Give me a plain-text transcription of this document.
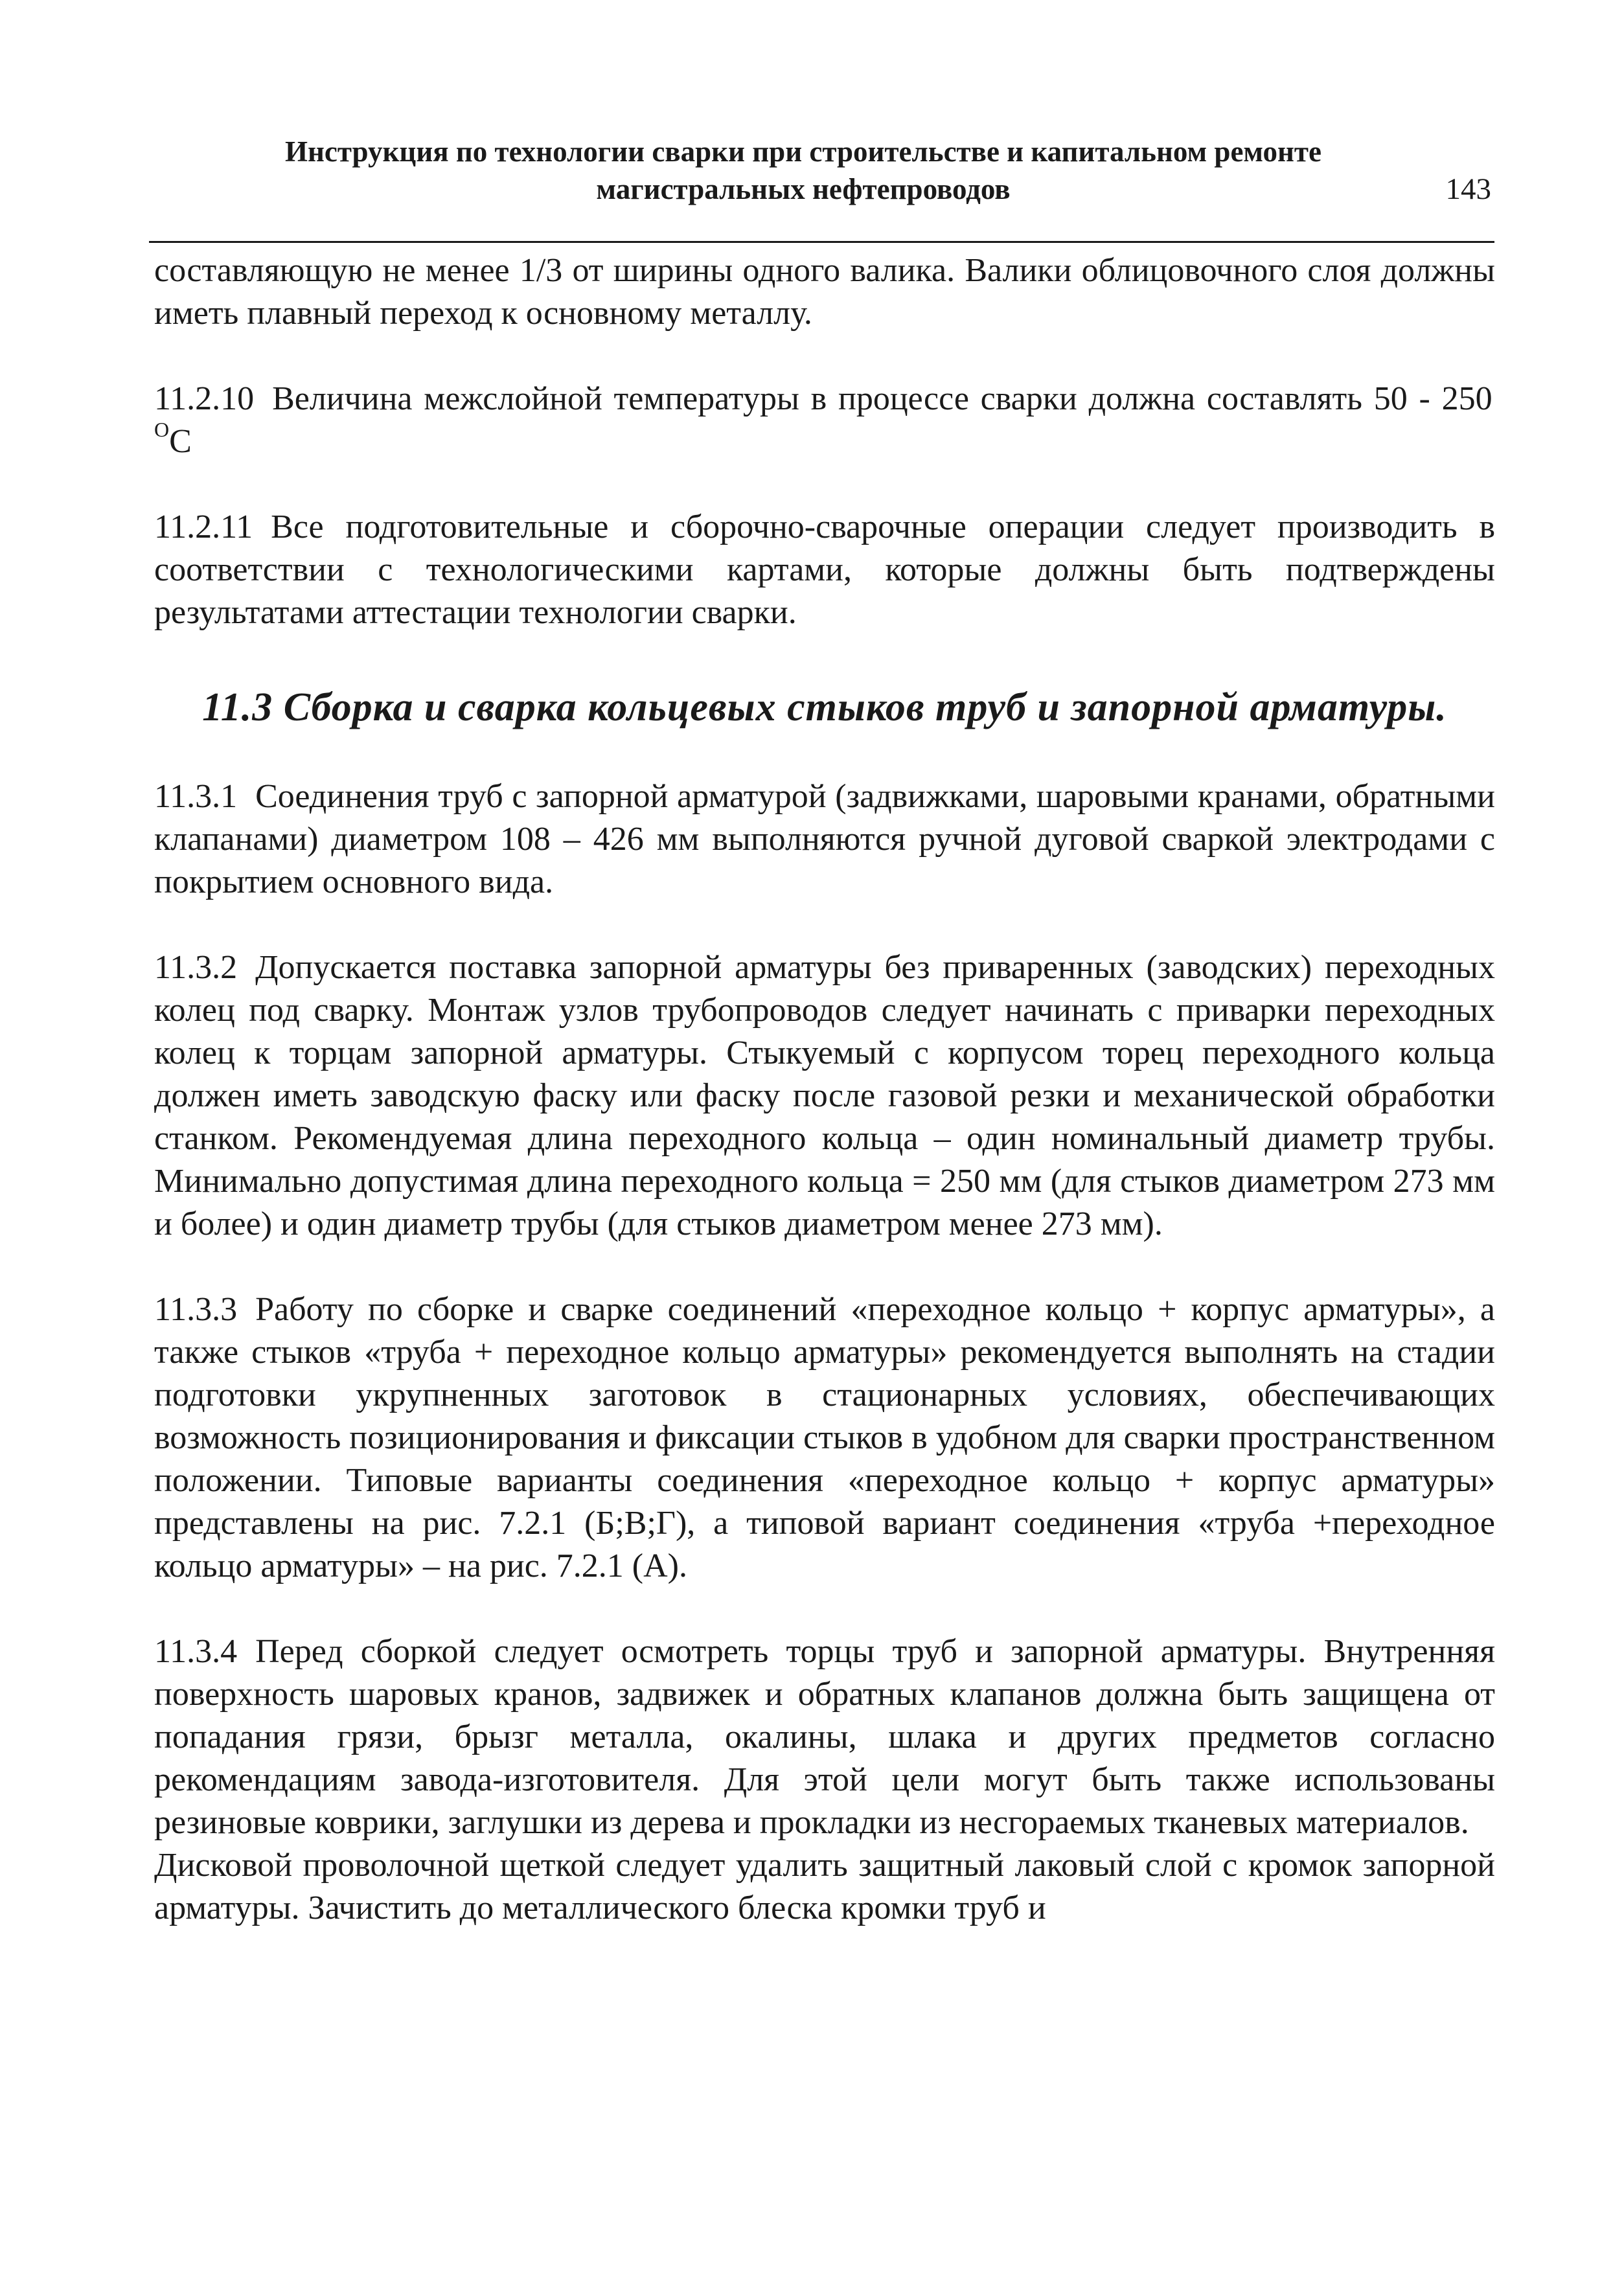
Инструкция по технологии сварки при строительстве и капитальном ремонте
магистральных нефтепроводов	143

составляющую не менее 1/3 от ширины одного валика. Валики облицовочного слоя должны иметь плавный переход к основному металлу.

11.2.10 Величина межслойной температуры в процессе сварки должна составлять 50 - 250 $^О$С

11.2.11 Все подготовительные и сборочно-сварочные операции следует производить в соответствии с технологическими картами, которые должны быть подтверждены результатами аттестации технологии сварки.

11.3 Сборка и сварка кольцевых стыков труб и запорной арматуры.

11.3.1 Соединения труб с запорной арматурой (задвижками, шаровыми кранами, обратными клапанами) диаметром 108 – 426 мм выполняются ручной дуговой сваркой электродами с покрытием основного вида.

11.3.2 Допускается поставка запорной арматуры без приваренных (заводских) переходных колец под сварку. Монтаж узлов трубопроводов следует начинать с приварки переходных колец к торцам запорной арматуры. Стыкуемый с корпусом торец переходного кольца должен иметь заводскую фаску или фаску после газовой резки и механической обработки станком. Рекомендуемая длина переходного кольца – один номинальный диаметр трубы. Минимально допустимая длина переходного кольца = 250 мм (для стыков диаметром 273 мм и более) и один диаметр трубы (для стыков диаметром менее 273 мм).

11.3.3 Работу по сборке и сварке соединений «переходное кольцо + корпус арматуры», а также стыков «труба + переходное кольцо арматуры» рекомендуется выполнять на стадии подготовки укрупненных заготовок в стационарных условиях, обеспечивающих возможность позиционирования и фиксации стыков в удобном для сварки пространственном положении. Типовые варианты соединения «переходное кольцо + корпус арматуры» представлены на рис. 7.2.1 (Б;В;Г), а типовой вариант соединения «труба +переходное кольцо арматуры» – на рис. 7.2.1 (А).

11.3.4 Перед сборкой следует осмотреть торцы труб и запорной арматуры. Внутренняя поверхность шаровых кранов, задвижек и обратных клапанов должна быть защищена от попадания грязи, брызг металла, окалины, шлака и других предметов согласно рекомендациям завода-изготовителя. Для этой цели могут быть также использованы резиновые коврики, заглушки из дерева и прокладки из несгораемых тканевых материалов.

Дисковой проволочной щеткой следует удалить защитный лаковый слой с кромок запорной арматуры. Зачистить до металлического блеска кромки труб и
